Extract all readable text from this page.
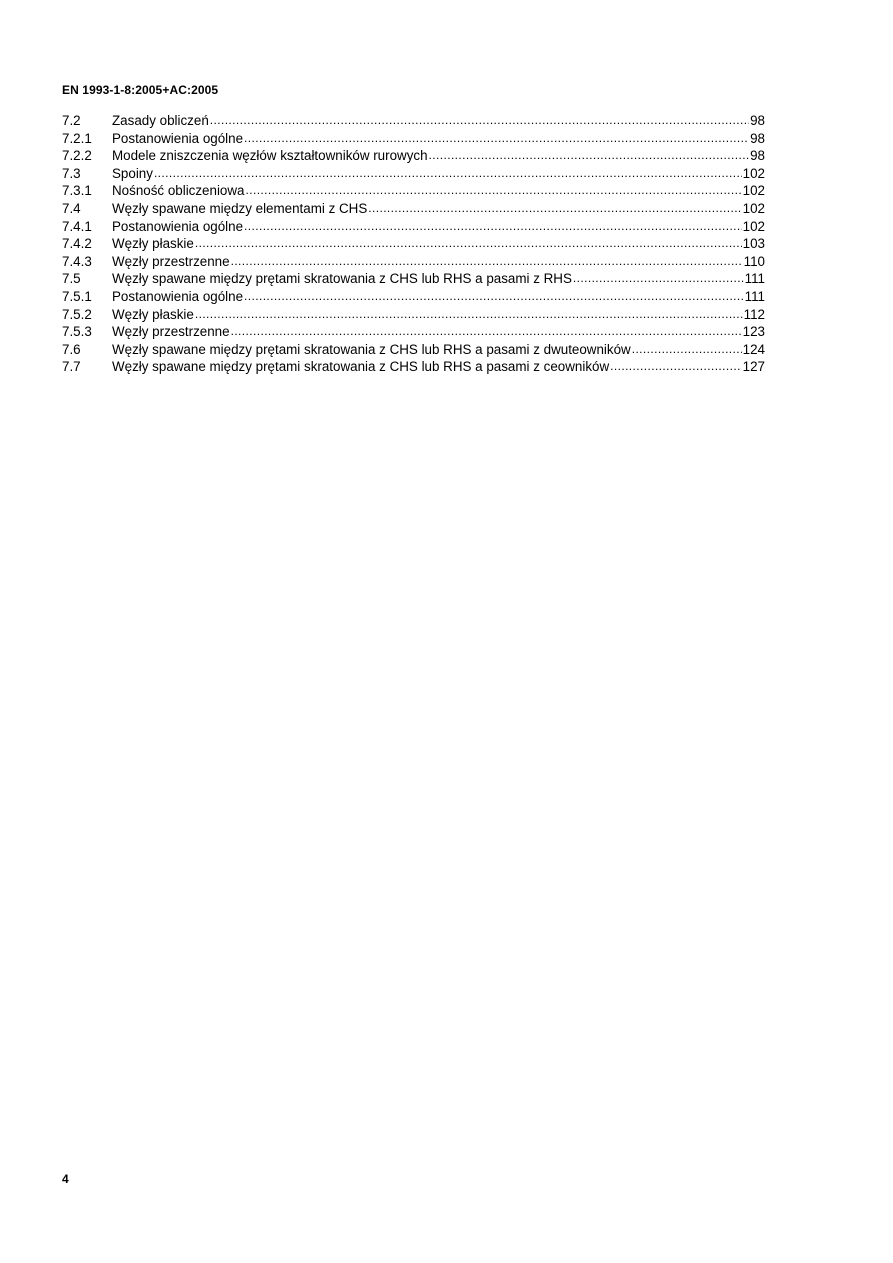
EN 1993-1-8:2005+AC:2005
7.2	Zasady obliczeń .....	98
7.2.1	Postanowienia ogólne .....	98
7.2.2	Modele zniszczenia węzłów kształtowników rurowych .....	98
7.3	Spoiny .....	102
7.3.1	Nośność obliczeniowa .....	102
7.4	Węzły spawane między elementami z CHS .....	102
7.4.1	Postanowienia ogólne .....	102
7.4.2	Węzły płaskie .....	103
7.4.3	Węzły przestrzenne .....	110
7.5	Węzły spawane między prętami skratowania z CHS lub RHS a pasami z RHS .....	111
7.5.1	Postanowienia ogólne .....	111
7.5.2	Węzły płaskie .....	112
7.5.3	Węzły przestrzenne .....	123
7.6	Węzły spawane między prętami skratowania z CHS lub RHS a pasami z dwuteowników .....	124
7.7	Węzły spawane między prętami skratowania z CHS lub RHS a pasami z ceowników .....	127
4
